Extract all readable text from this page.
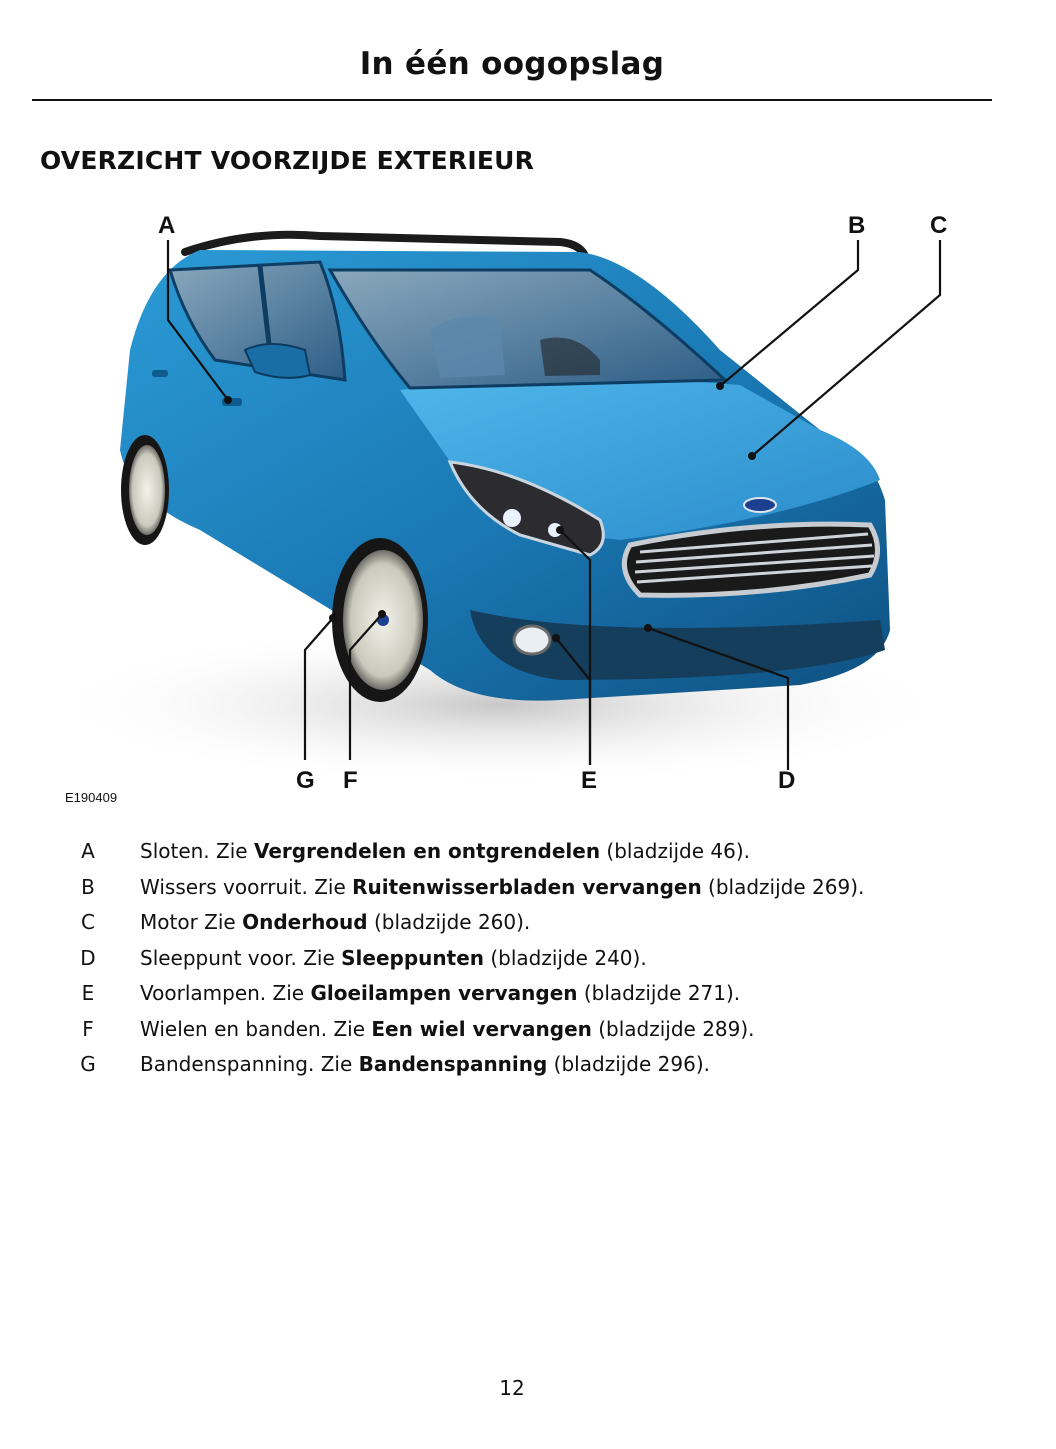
In één oogopslag
OVERZICHT VOORZIJDE EXTERIEUR
A	B	C
D
E
F
G
E190409
A Sloten. Zie Vergrendelen en ontgrendelen (bladzijde 46).
B Wissers voorruit. Zie Ruitenwisserbladen vervangen (bladzijde 269).
C Motor Zie Onderhoud (bladzijde 260).
D Sleeppunt voor. Zie Sleeppunten (bladzijde 240).
E Voorlampen. Zie Gloeilampen vervangen (bladzijde 271).
F Wielen en banden. Zie Een wiel vervangen (bladzijde 289).
G Bandenspanning. Zie Bandenspanning (bladzijde 296).
12
